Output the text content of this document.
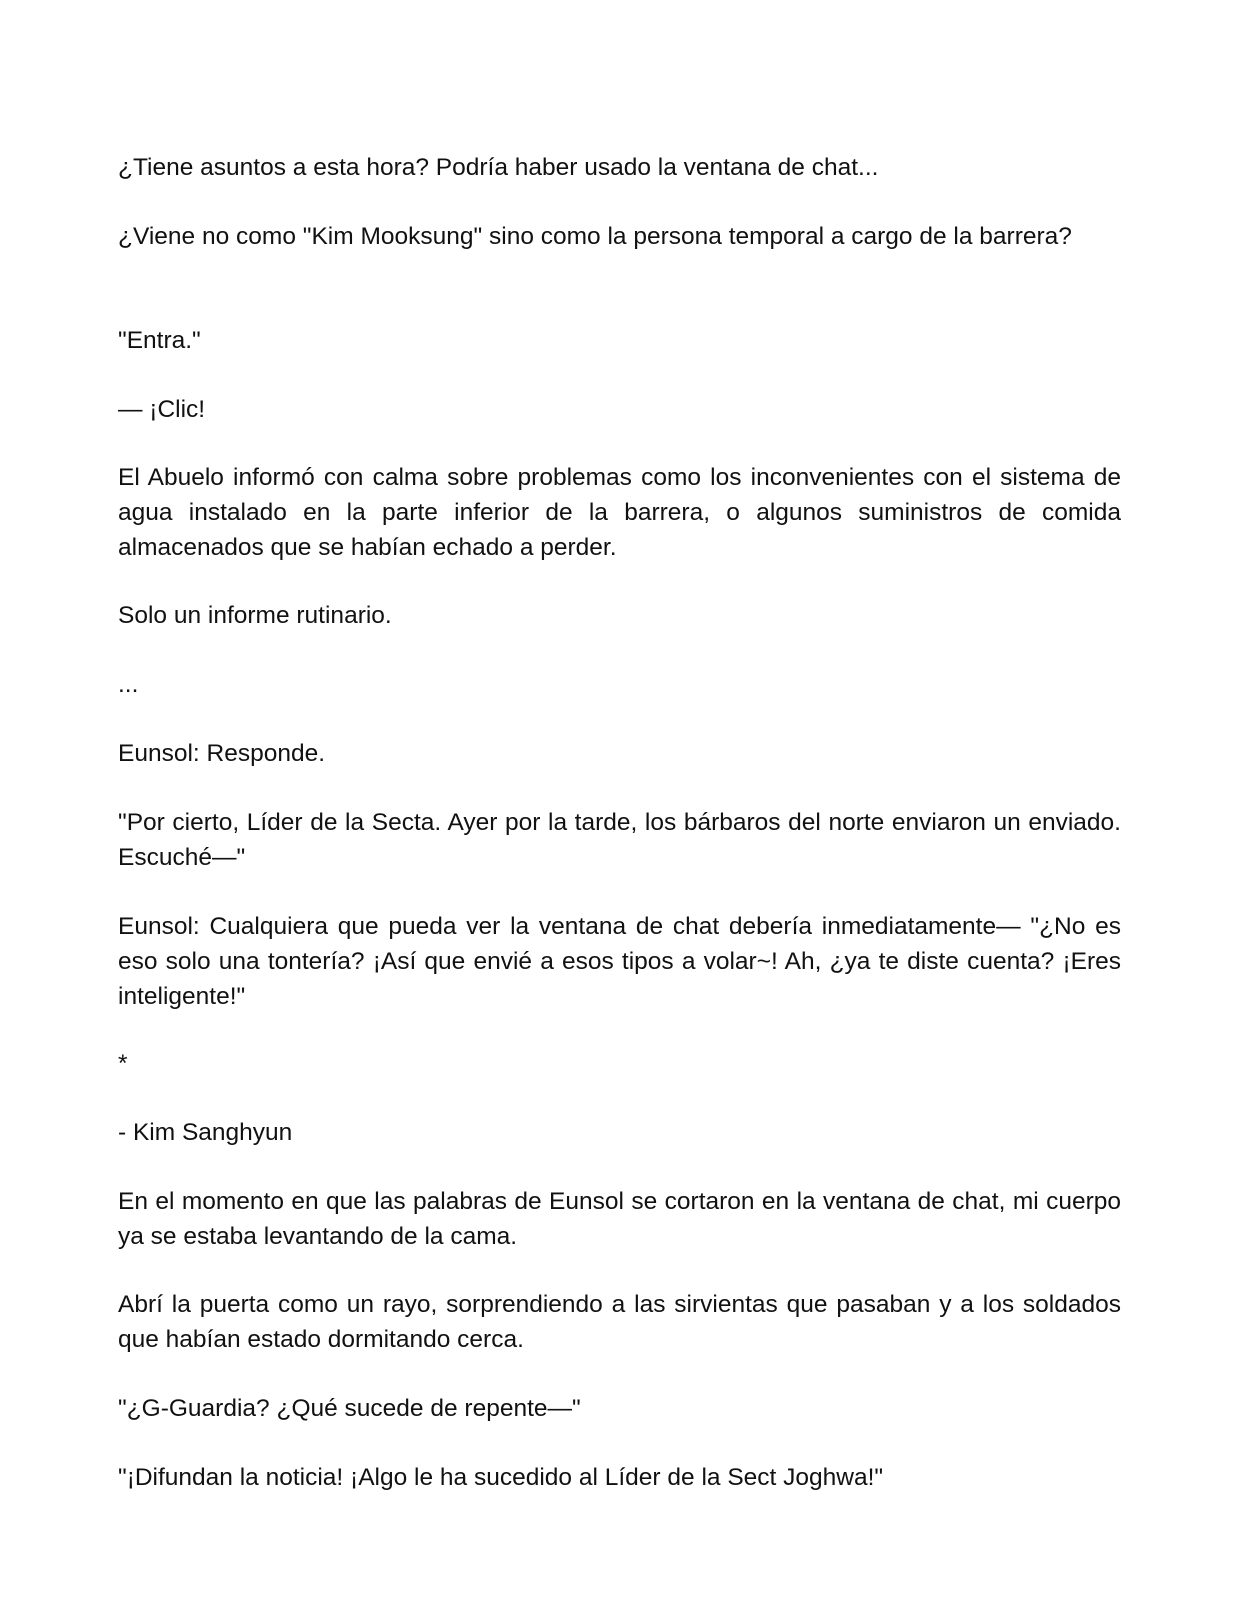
¿Tiene asuntos a esta hora? Podría haber usado la ventana de chat...

¿Viene no como "Kim Mooksung" sino como la persona temporal a cargo de la barrera?

"Entra."

— ¡Clic!

El Abuelo informó con calma sobre problemas como los inconvenientes con el sistema de agua instalado en la parte inferior de la barrera, o algunos suministros de comida almacenados que se habían echado a perder.

Solo un informe rutinario.

...

Eunsol: Responde.

"Por cierto, Líder de la Secta. Ayer por la tarde, los bárbaros del norte enviaron un enviado. Escuché—"

Eunsol: Cualquiera que pueda ver la ventana de chat debería inmediatamente— "¿No es eso solo una tontería? ¡Así que envié a esos tipos a volar~! Ah, ¿ya te diste cuenta? ¡Eres inteligente!"

*

- Kim Sanghyun

En el momento en que las palabras de Eunsol se cortaron en la ventana de chat, mi cuerpo ya se estaba levantando de la cama.

Abrí la puerta como un rayo, sorprendiendo a las sirvientas que pasaban y a los soldados que habían estado dormitando cerca.

"¿G-Guardia? ¿Qué sucede de repente—"

"¡Difundan la noticia! ¡Algo le ha sucedido al Líder de la Sect Joghwa!"
